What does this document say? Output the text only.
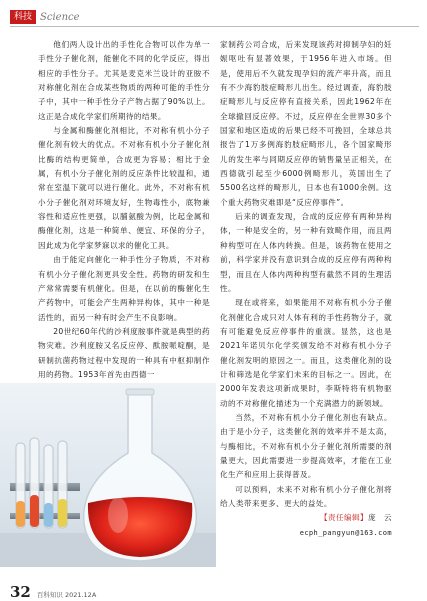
科技 Science

他们两人设计出的手性化合物可以作为单一手性分子催化剂，能催化不同的化学反应，得出相应的手性分子。尤其是麦克米兰设计的亚胺不对称催化剂在合成某些物质的两种可能的手性分子中，其中一种手性分子产物占据了90%以上。这正是合成化学家们所期待的结果。

与金属和酶催化剂相比，不对称有机小分子催化剂有较大的优点。不对称有机小分子催化剂比酶的结构更简单，合成更为容易；相比于金属，有机小分子催化剂的反应条件比较温和，通常在室温下就可以进行催化。此外，不对称有机小分子催化剂对环境友好，生物毒性小，底物兼容性和适应性更强，以脯氨酸为例，比起金属和酶催化剂，这是一种简单、便宜、环保的分子，因此成为化学家梦寐以求的催化工具。

由于能定向催化一种手性分子物质，不对称有机小分子催化剂更具安全性。药物的研发和生产常常需要有机催化。但是，在以前的酶催化生产药物中，可能会产生两种异构体，其中一种是活性的，而另一种有时会产生不良影响。

20世纪60年代的沙利度胺事件就是典型的药物灾难。沙利度胺又名反应停、酞胺哌啶酮，是研制抗菌药物过程中发现的一种具有中枢抑制作用的药物。1953年首先由西德一

家制药公司合成，后来发现该药对抑制孕妇的妊娠呕吐有显著效果，于1956年进入市场。但是，使用后不久就发现孕妇的流产率升高，而且有不少海豹肢症畸形儿出生。经过调查，海豹肢症畸形儿与反应停有直接关系，因此1962年在全球撤回反应停。不过，反应停在全世界30多个国家和地区造成的后果已经不可挽回，全球总共报告了1万多例海豹肢症畸形儿，各个国家畸形儿的发生率与同期反应停的销售量呈正相关，在西德就引起至少6000例畸形儿，英国出生了5500名这样的畸形儿，日本也有1000余例。这个重大药物灾难即是“反应停事件”。

后来的调查发现，合成的反应停有两种异构体，一种是安全的，另一种有致畸作用，而且两种构型可在人体内转换。但是，该药物在使用之前，科学家并没有意识到合成的反应停有两种构型，而且在人体内两种构型有截然不同的生理活性。

现在或将来，如果能用不对称有机小分子催化剂催化合成只对人体有利的手性药物分子，就有可能避免反应停事件的重演。显然，这也是2021年诺贝尔化学奖颁发给不对称有机小分子催化剂发明的原因之一。而且，这类催化剂的设计和筛选是化学家们未来的目标之一。因此，在2000年发表这项新成果时，李斯特将有机物驱动的不对称催化描述为一个充满潜力的新领域。

当然，不对称有机小分子催化剂也有缺点。由于是小分子，这类催化剂的效率并不是太高，与酶相比，不对称有机小分子催化剂所需要的剂量更大，因此需要进一步提高效率，才能在工业化生产和应用上获得普及。

可以预料，未来不对称有机小分子催化剂将给人类带来更多、更大的益处。

【责任编辑】庞　云
ecph_pangyun@163.com
32 百科知识 2021.12A
